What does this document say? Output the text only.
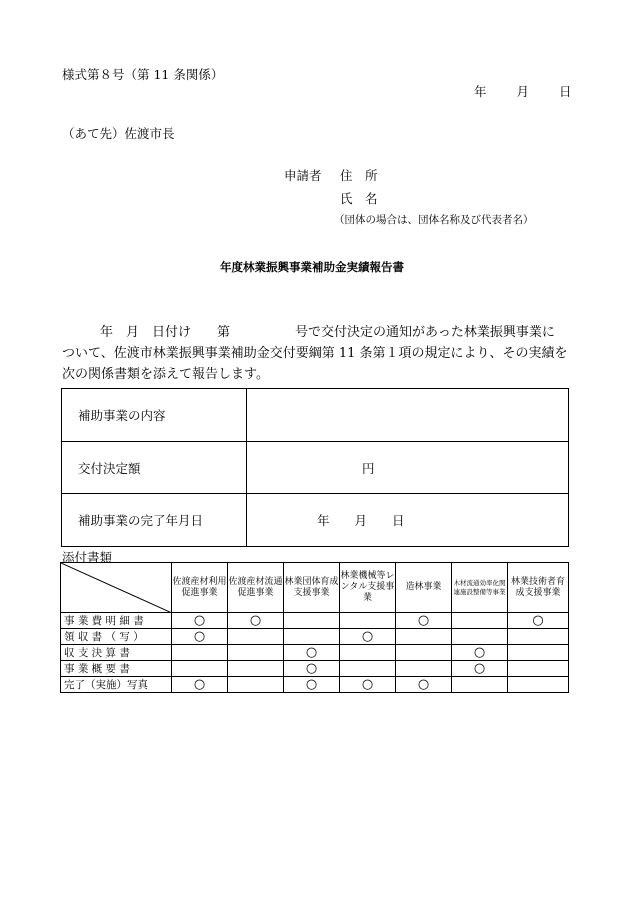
様式第８号（第 11 条関係）
年 月 日
（あて先）佐渡市長
申請者 住　所
氏　名
（団体の場合は、団体名称及び代表者名）
年度林業振興事業補助金実績報告書

年　月　日付け　　第　　　　　号で交付決定の通知があった林業振興事業に

ついて、佐渡市林業振興事業補助金交付要綱第 11 条第１項の規定により、その実績を

次の関係書類を添えて報告します。

補助事業の内容	
交付決定額	円
補助事業の完了年月日	年　　月　　日
添付書類
	佐渡産材利用促進事業	佐渡産材流通促進事業	林業団体育成支援事業	林業機械等レンタル支援事業	造林事業	木材流通効率化関連施設整備等事業	林業技術者育成支援事業
事 業 費 明 細 書	○	○			○		○
領 収 書 （ 写 ）	○			○			
収 支 決 算 書			○			○	
事 業 概 要 書			○			○	
完了（実施）写真	○		○	○	○		
